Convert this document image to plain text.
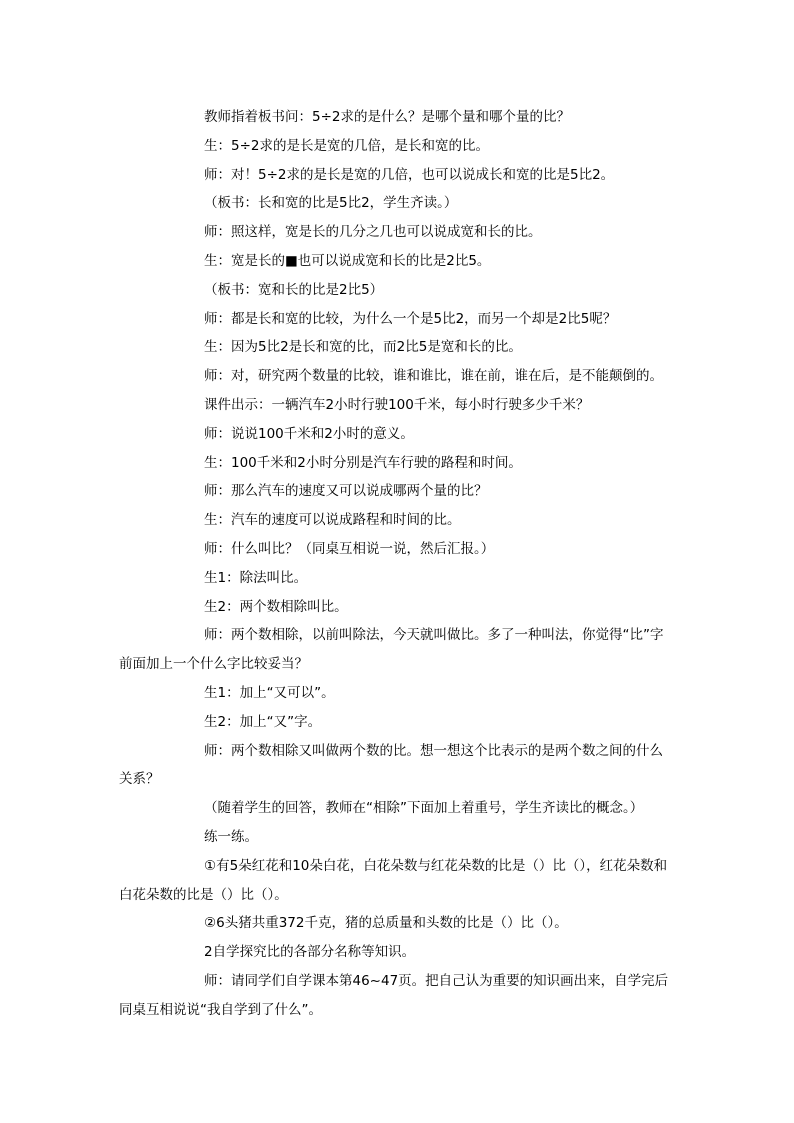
教师指着板书问：5÷2求的是什么？是哪个量和哪个量的比？

生：5÷2求的是长是宽的几倍，是长和宽的比。

师：对！5÷2求的是长是宽的几倍，也可以说成长和宽的比是5比2。

（板书：长和宽的比是5比2，学生齐读。）

师：照这样，宽是长的几分之几也可以说成宽和长的比。

生：宽是长的■也可以说成宽和长的比是2比5。

（板书：宽和长的比是2比5）

师：都是长和宽的比较，为什么一个是5比2，而另一个却是2比5呢？

生：因为5比2是长和宽的比，而2比5是宽和长的比。

师：对，研究两个数量的比较，谁和谁比，谁在前，谁在后，是不能颠倒的。

课件出示：一辆汽车2小时行驶100千米，每小时行驶多少千米？

师：说说100千米和2小时的意义。

生：100千米和2小时分别是汽车行驶的路程和时间。

师：那么汽车的速度又可以说成哪两个量的比？

生：汽车的速度可以说成路程和时间的比。

师：什么叫比？（同桌互相说一说，然后汇报。）

生1：除法叫比。

生2：两个数相除叫比。

师：两个数相除，以前叫除法，今天就叫做比。多了一种叫法，你觉得“比”字前面加上一个什么字比较妥当？

生1：加上“又可以”。

生2：加上“又”字。

师：两个数相除又叫做两个数的比。想一想这个比表示的是两个数之间的什么关系？

（随着学生的回答，教师在“相除”下面加上着重号，学生齐读比的概念。）

练一练。

①有5朵红花和10朵白花，白花朵数与红花朵数的比是（）比（），红花朵数和白花朵数的比是（）比（）。

②6头猪共重372千克，猪的总质量和头数的比是（）比（）。

2自学探究比的各部分名称等知识。

师：请同学们自学课本第46~47页。把自己认为重要的知识画出来，自学完后同桌互相说说“我自学到了什么”。
